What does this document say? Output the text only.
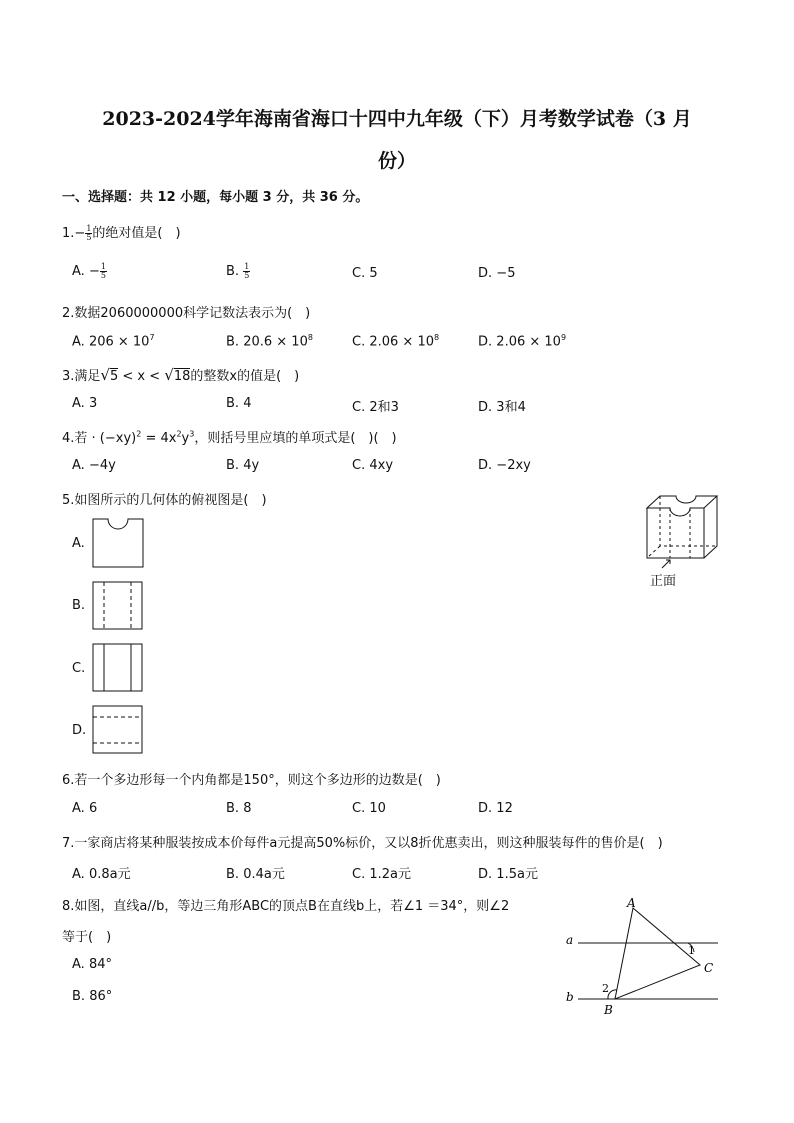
2023-2024学年海南省海口十四中九年级（下）月考数学试卷（3 月
份）
一、选择题：共 12 小题，每小题 3 分，共 36 分。
$1.- \frac{1}{5}$ 的绝对值是(　)
A. − $\frac{1}{5}$	B. $\frac{1}{5}$	C. 5	D. −5
2.数据2060000000科学记数法表示为(　)
A. $206 \times 10^7$	B. $20.6 \times 10^8$	C. $2.06 \times 10^8$	D. $2.06 \times 10^9$
3.满足√5 < x < √18的整数x的值是(　)
A. 3	B. 4	C. 2和3	D. 3和4
4.若 · $(-xy)^2 = 4x^2y^3$，则括号里应填的单项式是(　)(　)
A. −4y	B. 4y	C. 4xy	D. −2xy
5.如图所示的几何体的俯视图是(　)
A.
B.
C.
D.
正面
6.若一个多边形每一个内角都是150°，则这个多边形的边数是(　)
A. 6	B. 8	C. 10	D. 12
7.一家商店将某种服装按成本价每件a元提高50%标价，又以8折优惠卖出，则这种服装每件的售价是(　)
A. 0.8a元	B. 0.4a元	C. 1.2a元	D. 1.5a元
8.如图，直线a//b，等边三角形ABC的顶点B在直线b上，若∠1 ＝34°，则∠2
等于(　)
A. 84°
B. 86°
a
b
A
B
C
1
2
